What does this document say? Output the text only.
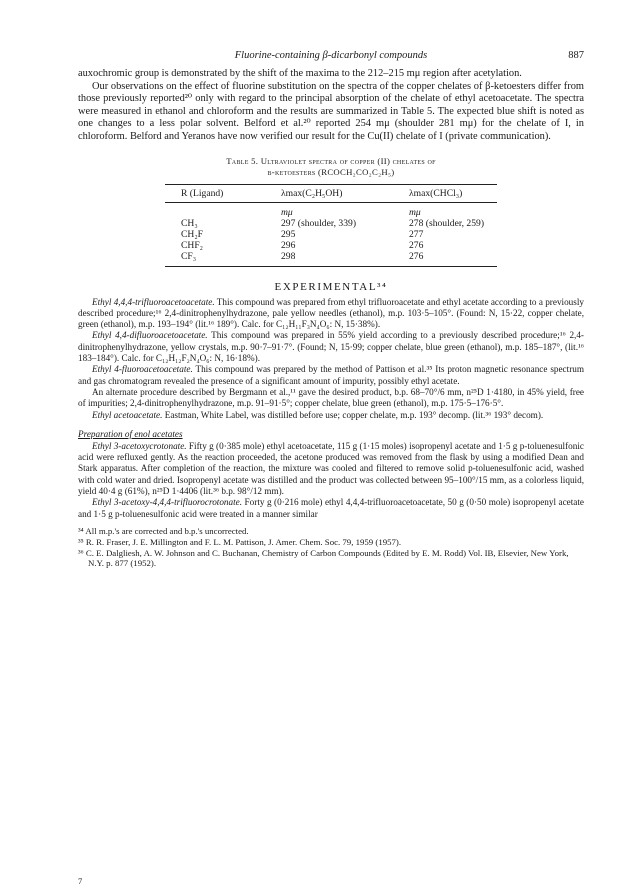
Fluorine-containing β-dicarbonyl compounds	887

auxochromic group is demonstrated by the shift of the maxima to the 212–215 mμ region after acetylation.

Our observations on the effect of fluorine substitution on the spectra of the copper chelates of β-ketoesters differ from those previously reported²⁰ only with regard to the principal absorption of the chelate of ethyl acetoacetate. The spectra were measured in ethanol and chloroform and the results are summarized in Table 5. The expected blue shift is noted as one changes to a less polar solvent. Belford et al.²⁰ reported 254 mμ (shoulder 281 mμ) for the chelate of I, in chloroform. Belford and Yeranos have now verified our result for the Cu(II) chelate of I (private communication).

Table 5. Ultraviolet spectra of copper (II) chelates of
β-ketoesters (RCOCH₂CO₂C₂H₅)
R (Ligand)	λmax(C₂H₅OH)	λmax(CHCl₃)
	mμ	mμ
CH₃	297 (shoulder, 339)	278 (shoulder, 259)
CH₂F	295	277
CHF₂	296	276
CF₃	298	276
EXPERIMENTAL³⁴

Ethyl 4,4,4-trifluoroacetoacetate. This compound was prepared from ethyl trifluoroacetate and ethyl acetate according to a previously described procedure;¹⁶ 2,4-dinitrophenylhydrazone, pale yellow needles (ethanol), m.p. 103·5–105°. (Found: N, 15·22, copper chelate, green (ethanol), m.p. 193–194° (lit.¹⁶ 189°). Calc. for C₁₂H₁₁F₃N₄O₆: N, 15·38%).

Ethyl 4,4-difluoroacetoacetate. This compound was prepared in 55% yield according to a previously described procedure;¹⁶ 2,4-dinitrophenylhydrazone, yellow crystals, m.p. 90·7–91·7°. (Found; N, 15·99; copper chelate, blue green (ethanol), m.p. 185–187°, (lit.¹⁶ 183–184°). Calc. for C₁₂H₁₂F₂N₄O₆: N, 16·18%).

Ethyl 4-fluoroacetoacetate. This compound was prepared by the method of Pattison et al.³⁵ Its proton magnetic resonance spectrum and gas chromatogram revealed the presence of a significant amount of impurity, possibly ethyl acetate.

An alternate procedure described by Bergmann et al.,¹¹ gave the desired product, b.p. 68–70°/6 mm, n²⁵D 1·4180, in 45% yield, free of impurities; 2,4-dinitrophenylhydrazone, m.p. 91–91·5°; copper chelate, blue green (ethanol), m.p. 175·5–176·5°.

Ethyl acetoacetate. Eastman, White Label, was distilled before use; copper chelate, m.p. 193° decomp. (lit.³⁶ 193° decom).

Preparation of enol acetates

Ethyl 3-acetoxycrotonate. Fifty g (0·385 mole) ethyl acetoacetate, 115 g (1·15 moles) isopropenyl acetate and 1·5 g p-toluenesulfonic acid were refluxed gently. As the reaction proceeded, the acetone produced was removed from the flask by using a modified Dean and Stark apparatus. After completion of the reaction, the mixture was cooled and filtered to remove solid p-toluenesulfonic acid, washed with cold water and dried. Isopropenyl acetate was distilled and the product was collected between 95–100°/15 mm, as a colorless liquid, yield 40·4 g (61%), n²⁵D 1·4406 (lit.³⁶ b.p. 98°/12 mm).

Ethyl 3-acetoxy-4,4,4-trifluorocrotonate. Forty g (0·216 mole) ethyl 4,4,4-trifluoroacetoacetate, 50 g (0·50 mole) isopropenyl acetate and 1·5 g p-toluenesulfonic acid were treated in a manner similar

³⁴ All m.p.'s are corrected and b.p.'s uncorrected.

³⁵ R. R. Fraser, J. E. Millington and F. L. M. Pattison, J. Amer. Chem. Soc. 79, 1959 (1957).

³⁶ C. E. Dalgliesh, A. W. Johnson and C. Buchanan, Chemistry of Carbon Compounds (Edited by E. M. Rodd) Vol. IB, Elsevier, New York, N.Y. p. 877 (1952).

7
